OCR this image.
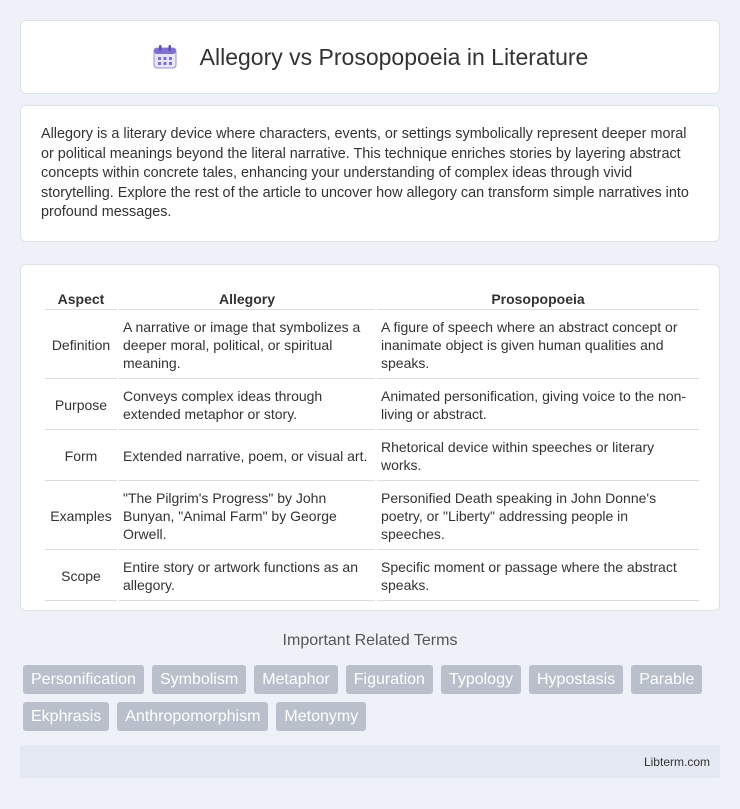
Allegory vs Prosopopoeia in Literature

Allegory is a literary device where characters, events, or settings symbolically represent deeper moral or political meanings beyond the literal narrative. This technique enriches stories by layering abstract concepts within concrete tales, enhancing your understanding of complex ideas through vivid storytelling. Explore the rest of the article to uncover how allegory can transform simple narratives into profound messages.

Aspect	Allegory	Prosopopoeia
Definition	A narrative or image that symbolizes a deeper moral, political, or spiritual meaning.	A figure of speech where an abstract concept or inanimate object is given human qualities and speaks.
Purpose	Conveys complex ideas through extended metaphor or story.	Animated personification, giving voice to the non-living or abstract.
Form	Extended narrative, poem, or visual art.	Rhetorical device within speeches or literary works.
Examples	"The Pilgrim's Progress" by John Bunyan, "Animal Farm" by George Orwell.	Personified Death speaking in John Donne's poetry, or "Liberty" addressing people in speeches.
Scope	Entire story or artwork functions as an allegory.	Specific moment or passage where the abstract speaks.
Important Related Terms
Personification	Symbolism	Metaphor	Figuration	Typology	Hypostasis	Parable
Ekphrasis	Anthropomorphism	Metonymy
Libterm.com
